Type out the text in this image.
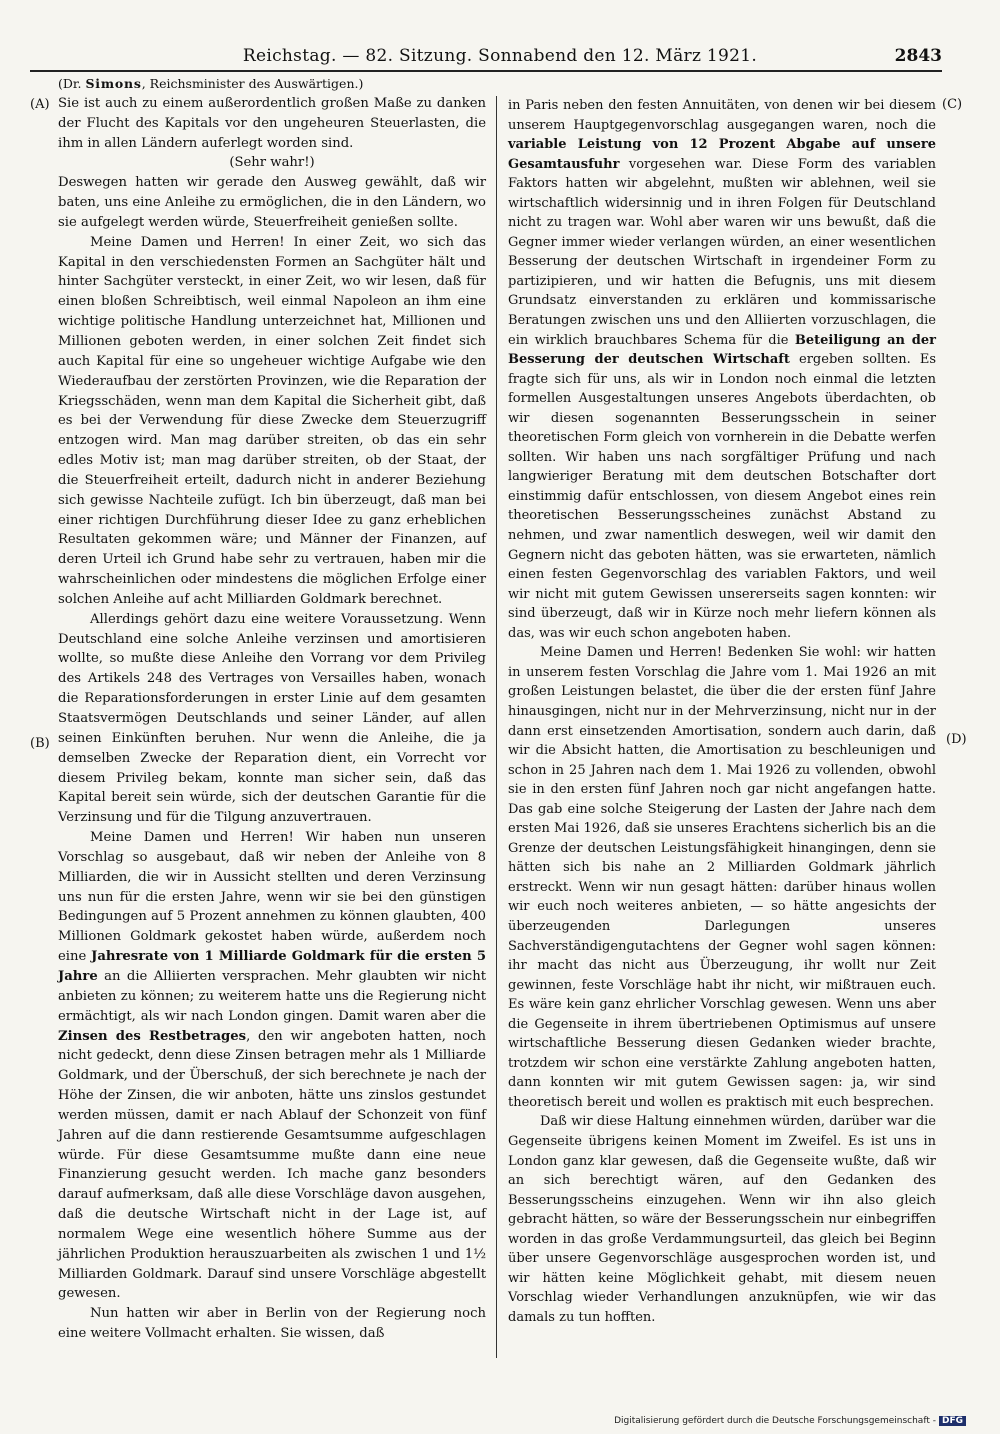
Reichstag. — 82. Sitzung. Sonnabend den 12. März 1921.	2843
(A)
(B)
(C)
(D)

(Dr. Simons, Reichsminister des Auswärtigen.)

Sie ist auch zu einem außerordentlich großen Maße zu danken der Flucht des Kapitals vor den ungeheuren Steuerlasten, die ihm in allen Ländern auferlegt worden sind.

(Sehr wahr!)

Deswegen hatten wir gerade den Ausweg gewählt, daß wir baten, uns eine Anleihe zu ermöglichen, die in den Ländern, wo sie aufgelegt werden würde, Steuerfreiheit genießen sollte.

Meine Damen und Herren! In einer Zeit, wo sich das Kapital in den verschiedensten Formen an Sachgüter hält und hinter Sachgüter versteckt, in einer Zeit, wo wir lesen, daß für einen bloßen Schreibtisch, weil einmal Napoleon an ihm eine wichtige politische Handlung unterzeichnet hat, Millionen und Millionen geboten werden, in einer solchen Zeit findet sich auch Kapital für eine so ungeheuer wichtige Aufgabe wie den Wiederaufbau der zerstörten Provinzen, wie die Reparation der Kriegsschäden, wenn man dem Kapital die Sicherheit gibt, daß es bei der Verwendung für diese Zwecke dem Steuerzugriff entzogen wird. Man mag darüber streiten, ob das ein sehr edles Motiv ist; man mag darüber streiten, ob der Staat, der die Steuerfreiheit erteilt, dadurch nicht in anderer Beziehung sich gewisse Nachteile zufügt. Ich bin überzeugt, daß man bei einer richtigen Durchführung dieser Idee zu ganz erheblichen Resultaten gekommen wäre; und Männer der Finanzen, auf deren Urteil ich Grund habe sehr zu vertrauen, haben mir die wahrscheinlichen oder mindestens die möglichen Erfolge einer solchen Anleihe auf acht Milliarden Goldmark berechnet.

Allerdings gehört dazu eine weitere Voraussetzung. Wenn Deutschland eine solche Anleihe verzinsen und amortisieren wollte, so mußte diese Anleihe den Vorrang vor dem Privileg des Artikels 248 des Vertrages von Versailles haben, wonach die Reparationsforderungen in erster Linie auf dem gesamten Staatsvermögen Deutschlands und seiner Länder, auf allen seinen Einkünften beruhen. Nur wenn die Anleihe, die ja demselben Zwecke der Reparation dient, ein Vorrecht vor diesem Privileg bekam, konnte man sicher sein, daß das Kapital bereit sein würde, sich der deutschen Garantie für die Verzinsung und für die Tilgung anzuvertrauen.

Meine Damen und Herren! Wir haben nun unseren Vorschlag so ausgebaut, daß wir neben der Anleihe von 8 Milliarden, die wir in Aussicht stellten und deren Verzinsung uns nun für die ersten Jahre, wenn wir sie bei den günstigen Bedingungen auf 5 Prozent annehmen zu können glaubten, 400 Millionen Goldmark gekostet haben würde, außerdem noch eine Jahresrate von 1 Milliarde Goldmark für die ersten 5 Jahre an die Alliierten versprachen. Mehr glaubten wir nicht anbieten zu können; zu weiterem hatte uns die Regierung nicht ermächtigt, als wir nach London gingen. Damit waren aber die Zinsen des Restbetrages, den wir angeboten hatten, noch nicht gedeckt, denn diese Zinsen betragen mehr als 1 Milliarde Goldmark, und der Überschuß, der sich berechnete je nach der Höhe der Zinsen, die wir anboten, hätte uns zinslos gestundet werden müssen, damit er nach Ablauf der Schonzeit von fünf Jahren auf die dann restierende Gesamtsumme aufgeschlagen würde. Für diese Gesamtsumme mußte dann eine neue Finanzierung gesucht werden. Ich mache ganz besonders darauf aufmerksam, daß alle diese Vorschläge davon ausgehen, daß die deutsche Wirtschaft nicht in der Lage ist, auf normalem Wege eine wesentlich höhere Summe aus der jährlichen Produktion herauszuarbeiten als zwischen 1 und 1½ Milliarden Goldmark. Darauf sind unsere Vorschläge abgestellt gewesen.

Nun hatten wir aber in Berlin von der Regierung noch eine weitere Vollmacht erhalten. Sie wissen, daß

in Paris neben den festen Annuitäten, von denen wir bei diesem unserem Hauptgegenvorschlag ausgegangen waren, noch die variable Leistung von 12 Prozent Abgabe auf unsere Gesamtausfuhr vorgesehen war. Diese Form des variablen Faktors hatten wir abgelehnt, mußten wir ablehnen, weil sie wirtschaftlich widersinnig und in ihren Folgen für Deutschland nicht zu tragen war. Wohl aber waren wir uns bewußt, daß die Gegner immer wieder verlangen würden, an einer wesentlichen Besserung der deutschen Wirtschaft in irgendeiner Form zu partizipieren, und wir hatten die Befugnis, uns mit diesem Grundsatz einverstanden zu erklären und kommissarische Beratungen zwischen uns und den Alliierten vorzuschlagen, die ein wirklich brauchbares Schema für die Beteiligung an der Besserung der deutschen Wirtschaft ergeben sollten. Es fragte sich für uns, als wir in London noch einmal die letzten formellen Ausgestaltungen unseres Angebots überdachten, ob wir diesen sogenannten Besserungsschein in seiner theoretischen Form gleich von vornherein in die Debatte werfen sollten. Wir haben uns nach sorgfältiger Prüfung und nach langwieriger Beratung mit dem deutschen Botschafter dort einstimmig dafür entschlossen, von diesem Angebot eines rein theoretischen Besserungsscheines zunächst Abstand zu nehmen, und zwar namentlich deswegen, weil wir damit den Gegnern nicht das geboten hätten, was sie erwarteten, nämlich einen festen Gegenvorschlag des variablen Faktors, und weil wir nicht mit gutem Gewissen unsererseits sagen konnten: wir sind überzeugt, daß wir in Kürze noch mehr liefern können als das, was wir euch schon angeboten haben.

Meine Damen und Herren! Bedenken Sie wohl: wir hatten in unserem festen Vorschlag die Jahre vom 1. Mai 1926 an mit großen Leistungen belastet, die über die der ersten fünf Jahre hinausgingen, nicht nur in der Mehrverzinsung, nicht nur in der dann erst einsetzenden Amortisation, sondern auch darin, daß wir die Absicht hatten, die Amortisation zu beschleunigen und schon in 25 Jahren nach dem 1. Mai 1926 zu vollenden, obwohl sie in den ersten fünf Jahren noch gar nicht angefangen hatte. Das gab eine solche Steigerung der Lasten der Jahre nach dem ersten Mai 1926, daß sie unseres Erachtens sicherlich bis an die Grenze der deutschen Leistungsfähigkeit hinangingen, denn sie hätten sich bis nahe an 2 Milliarden Goldmark jährlich erstreckt. Wenn wir nun gesagt hätten: darüber hinaus wollen wir euch noch weiteres anbieten, — so hätte angesichts der überzeugenden Darlegungen unseres Sachverständigengutachtens der Gegner wohl sagen können: ihr macht das nicht aus Überzeugung, ihr wollt nur Zeit gewinnen, feste Vorschläge habt ihr nicht, wir mißtrauen euch. Es wäre kein ganz ehrlicher Vorschlag gewesen. Wenn uns aber die Gegenseite in ihrem übertriebenen Optimismus auf unsere wirtschaftliche Besserung diesen Gedanken wieder brachte, trotzdem wir schon eine verstärkte Zahlung angeboten hatten, dann konnten wir mit gutem Gewissen sagen: ja, wir sind theoretisch bereit und wollen es praktisch mit euch besprechen.

Daß wir diese Haltung einnehmen würden, darüber war die Gegenseite übrigens keinen Moment im Zweifel. Es ist uns in London ganz klar gewesen, daß die Gegenseite wußte, daß wir an sich berechtigt wären, auf den Gedanken des Besserungsscheins einzugehen. Wenn wir ihn also gleich gebracht hätten, so wäre der Besserungsschein nur einbegriffen worden in das große Verdammungsurteil, das gleich bei Beginn über unsere Gegenvorschläge ausgesprochen worden ist, und wir hätten keine Möglichkeit gehabt, mit diesem neuen Vorschlag wieder Verhandlungen anzuknüpfen, wie wir das damals zu tun hofften.

Digitalisierung gefördert durch die Deutsche Forschungsgemeinschaft - DFG
